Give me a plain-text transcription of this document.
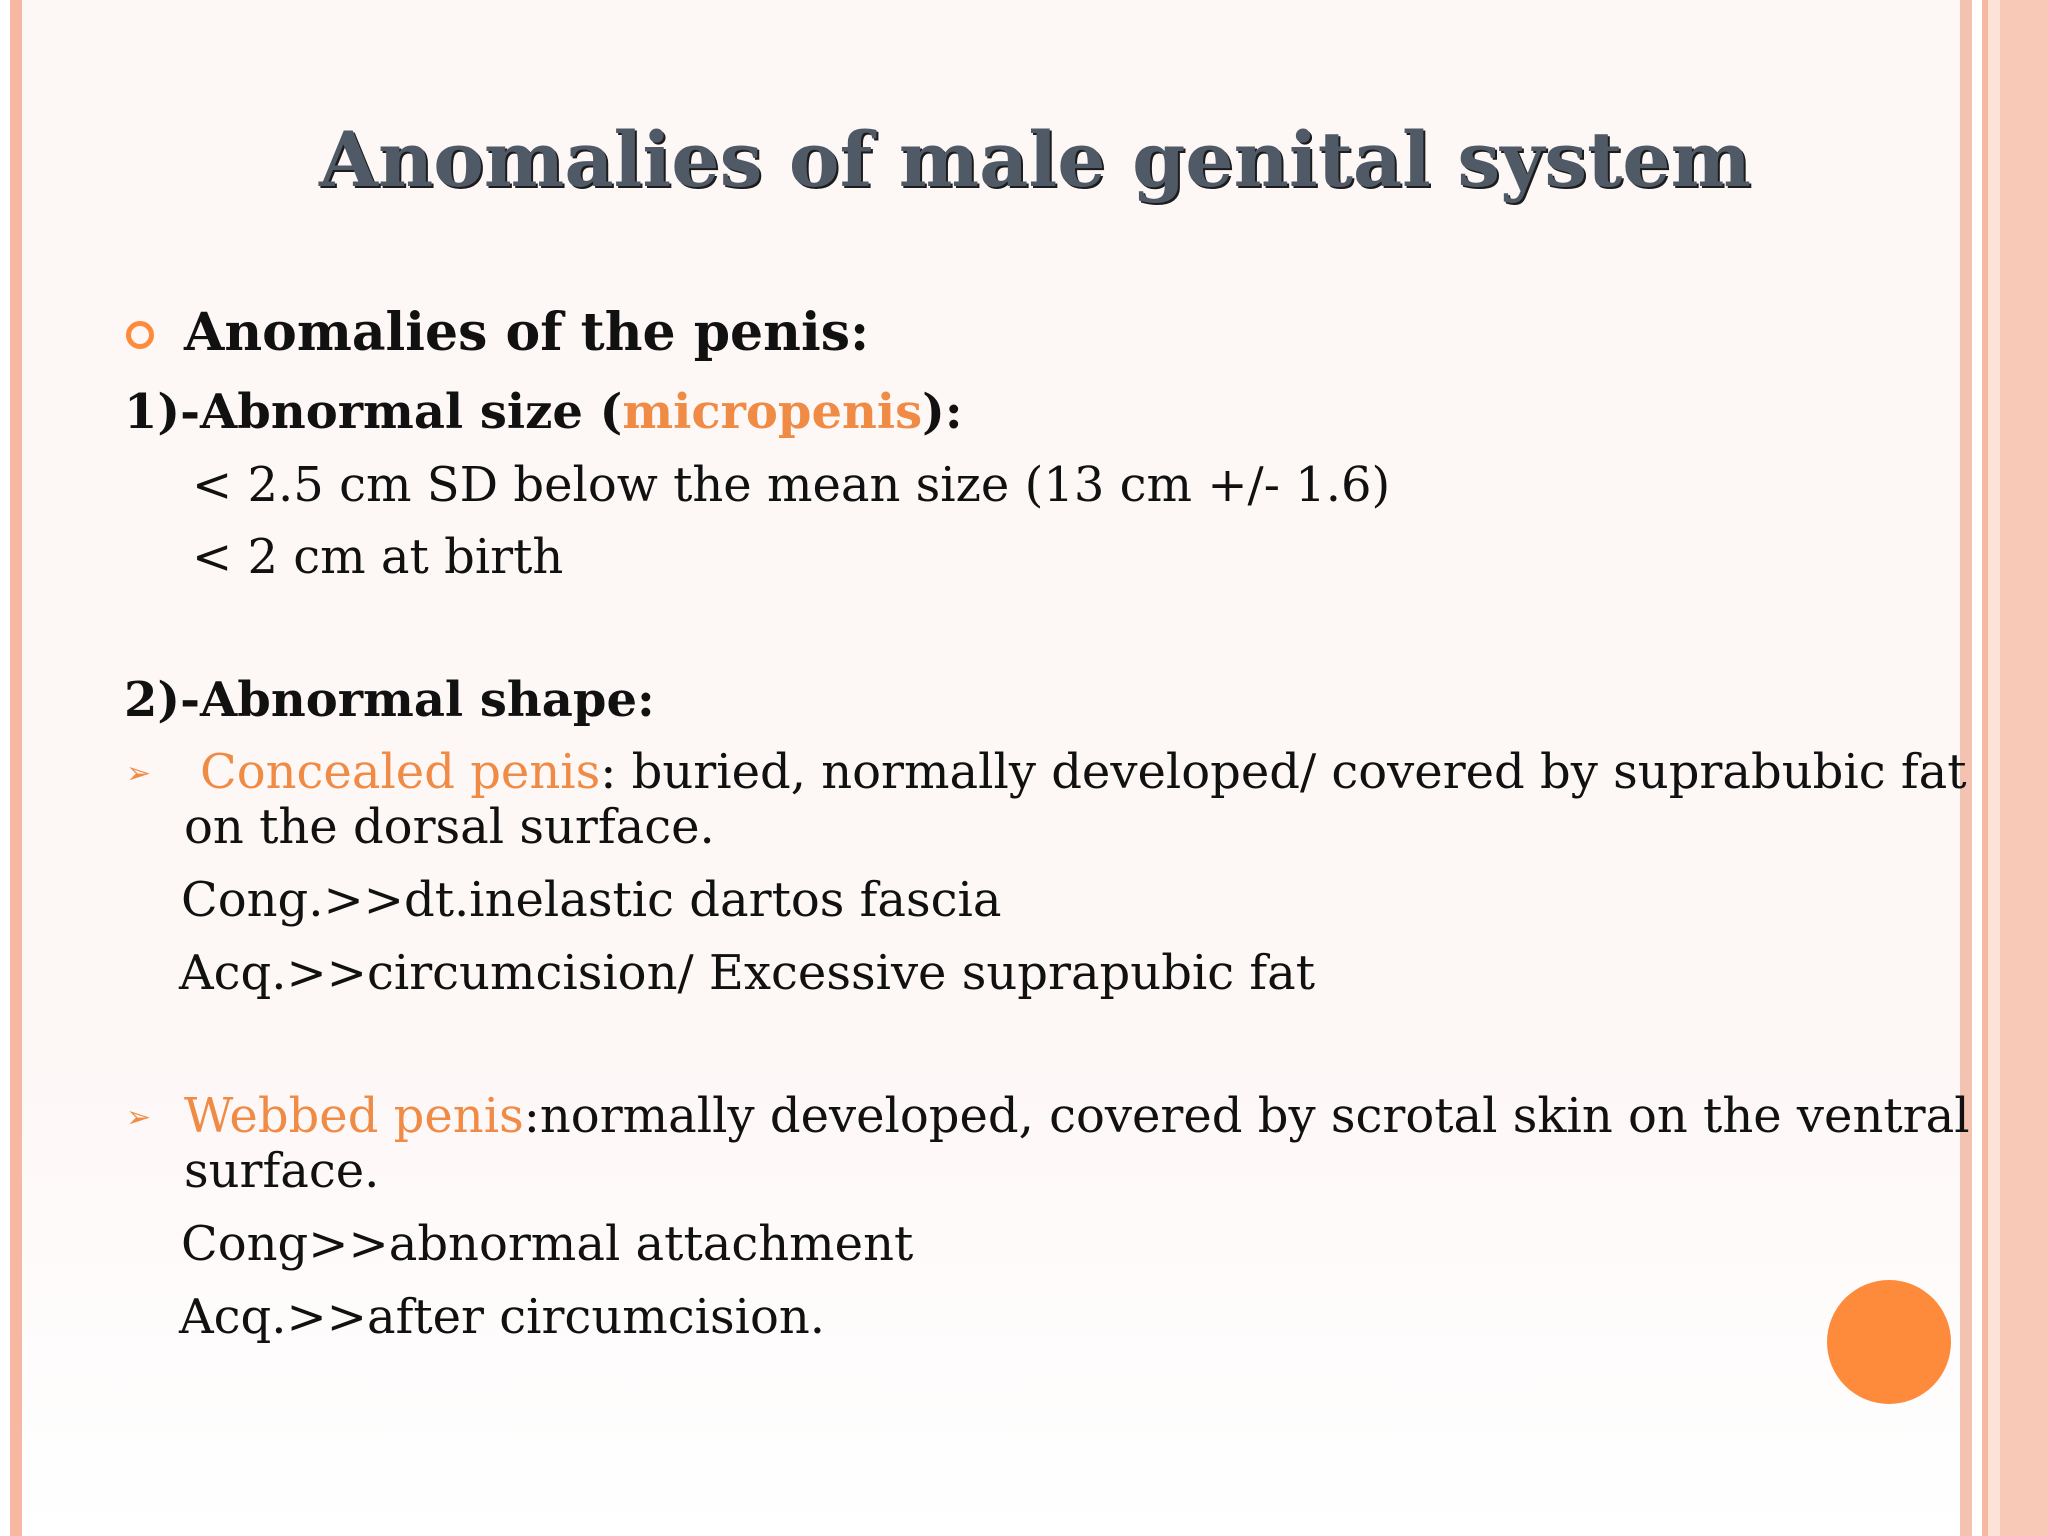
Anomalies of male genital system
Anomalies of the penis:
1)-Abnormal size (micropenis):
< 2.5 cm SD below the mean size (13 cm +/- 1.6)
< 2 cm at birth
2)-Abnormal shape:
➢ Concealed penis: buried, normally developed/ covered by suprabubic fat
on the dorsal surface.
Cong.>>dt.inelastic dartos fascia
Acq.>>circumcision/ Excessive suprapubic fat
➢ Webbed penis:normally developed, covered by scrotal skin on the ventral
surface.
Cong>>abnormal attachment
Acq.>>after circumcision.
